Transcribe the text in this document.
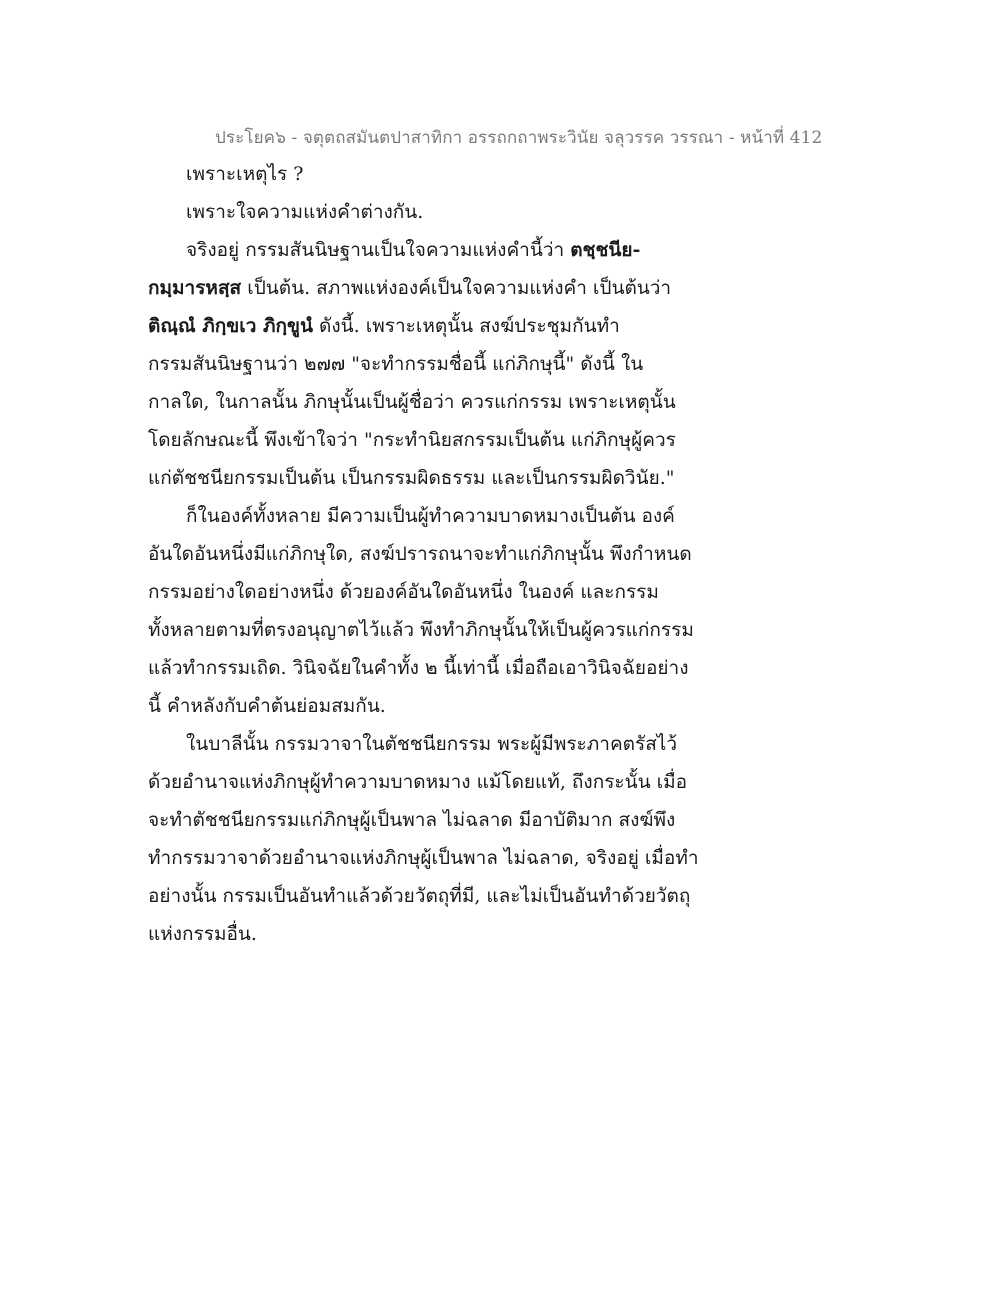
ประโยค๖ - จตุตถสมันตปาสาทิกา อรรถกถาพระวินัย จลุวรรค วรรณา - หน้าที่ 412
เพราะเหตุไร ?
เพราะใจความแห่งคำต่างกัน.
จริงอยู่ กรรมสันนิษฐานเป็นใจความแห่งคำนี้ว่า ตชฺชนีย-
กมฺมารหสฺส เป็นต้น. สภาพแห่งองค์เป็นใจความแห่งคำ เป็นต้นว่า
ติณฺณํ ภิกฺขเว ภิกฺขูนํ ดังนี้. เพราะเหตุนั้น สงฆ์ประชุมกันทำ
กรรมสันนิษฐานว่า ๒๗๗ "จะทำกรรมชื่อนี้ แก่ภิกษุนี้" ดังนี้ ใน
กาลใด, ในกาลนั้น ภิกษุนั้นเป็นผู้ชื่อว่า ควรแก่กรรม เพราะเหตุนั้น
โดยลักษณะนี้ พึงเข้าใจว่า "กระทำนิยสกรรมเป็นต้น แก่ภิกษุผู้ควร
แก่ตัชชนียกรรมเป็นต้น เป็นกรรมผิดธรรม และเป็นกรรมผิดวินัย."
ก็ในองค์ทั้งหลาย มีความเป็นผู้ทำความบาดหมางเป็นต้น องค์
อันใดอันหนึ่งมีแก่ภิกษุใด, สงฆ์ปรารถนาจะทำแก่ภิกษุนั้น พึงกำหนด
กรรมอย่างใดอย่างหนึ่ง ด้วยองค์อันใดอันหนึ่ง ในองค์ และกรรม
ทั้งหลายตามที่ตรงอนุญาตไว้แล้ว พึงทำภิกษุนั้นให้เป็นผู้ควรแก่กรรม
แล้วทำกรรมเถิด. วินิจฉัยในคำทั้ง ๒ นี้เท่านี้ เมื่อถือเอาวินิจฉัยอย่าง
นี้ คำหลังกับคำต้นย่อมสมกัน.
ในบาลีนั้น กรรมวาจาในตัชชนียกรรม พระผู้มีพระภาคตรัสไว้
ด้วยอำนาจแห่งภิกษุผู้ทำความบาดหมาง แม้โดยแท้, ถึงกระนั้น เมื่อ
จะทำตัชชนียกรรมแก่ภิกษุผู้เป็นพาล ไม่ฉลาด มีอาบัติมาก สงฆ์พึง
ทำกรรมวาจาด้วยอำนาจแห่งภิกษุผู้เป็นพาล ไม่ฉลาด, จริงอยู่ เมื่อทำ
อย่างนั้น กรรมเป็นอันทำแล้วด้วยวัตถุที่มี, และไม่เป็นอันทำด้วยวัตถุ
แห่งกรรมอื่น.
